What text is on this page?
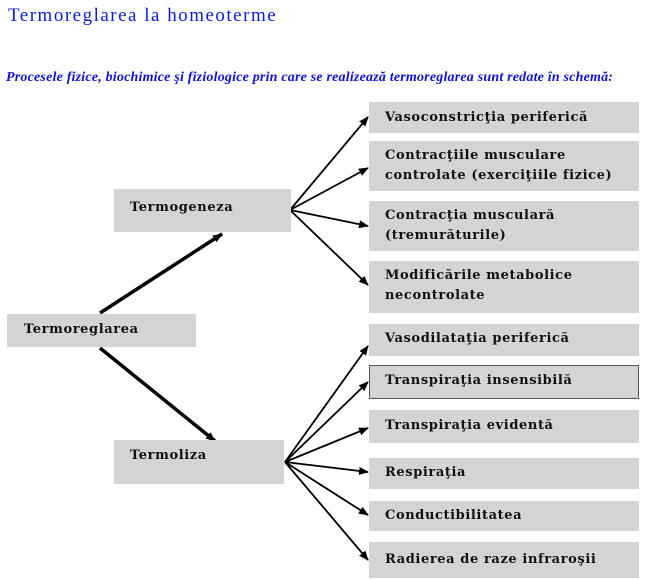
Termoreglarea la homeoterme
Procesele fizice, biochimice şi fiziologice prin care se realizează termoreglarea sunt redate în schemă:
Termoreglarea
Termogeneza
Termoliza
Vasoconstricţia periferică
Contracţiile musculare
controlate (exerciţiile fizice)
Contracţia musculară
(tremurăturile)
Modificările metabolice
necontrolate
Vasodilataţia periferică
Transpiraţia insensibilă
Transpiraţia evidentă
Respiraţia
Conductibilitatea
Radierea de raze infraroşii
